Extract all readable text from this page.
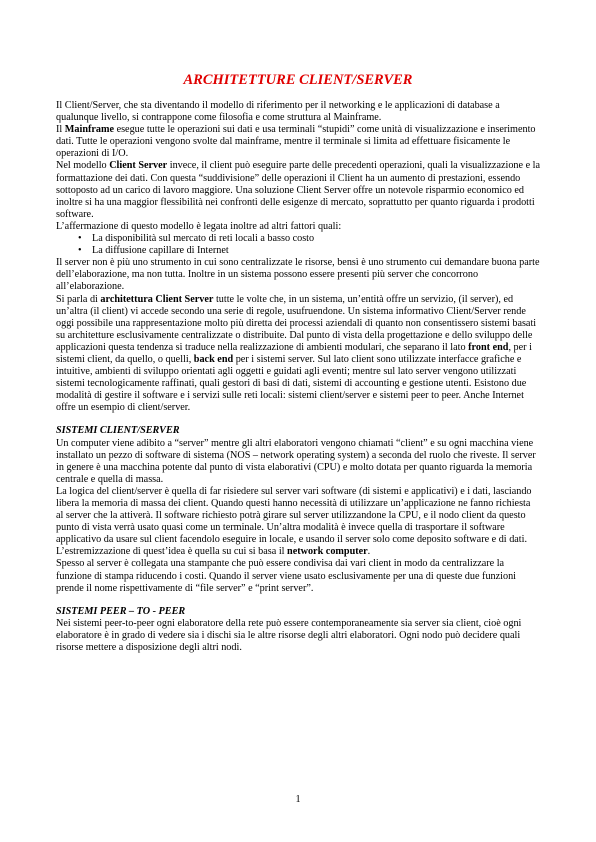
ARCHITETTURE CLIENT/SERVER

Il Client/Server, che sta diventando il modello di riferimento per il networking e le applicazioni di database a qualunque livello, si contrappone come filosofia e come struttura al Mainframe.

Il Mainframe esegue tutte le operazioni sui dati e usa terminali “stupidi” come unità di visualizzazione e inserimento dati. Tutte le operazioni vengono svolte dal mainframe, mentre il terminale si limita ad effettuare fisicamente le operazioni di I/O.

Nel modello Client Server invece, il client può eseguire parte delle precedenti operazioni, quali la visualizzazione e la formattazione dei dati. Con questa “suddivisione” delle operazioni il Client ha un aumento di prestazioni, essendo sottoposto ad un carico di lavoro maggiore. Una soluzione Client Server offre un notevole risparmio economico ed inoltre si ha una maggior flessibilità nei confronti delle esigenze di mercato, soprattutto per quanto riguarda i prodotti software.

L’affermazione di questo modello è legata inoltre ad altri fattori quali:

• La disponibilità sul mercato di reti locali a basso costo
• La diffusione capillare di Internet

Il server non è più uno strumento in cui sono centralizzate le risorse, bensì è uno strumento cui demandare buona parte dell’elaborazione, ma non tutta. Inoltre in un sistema possono essere presenti più server che concorrono all’elaborazione.

Si parla di architettura Client Server tutte le volte che, in un sistema, un’entità offre un servizio, (il server), ed un’altra (il client) vi accede secondo una serie di regole, usufruendone. Un sistema informativo Client/Server rende oggi possibile una rappresentazione molto più diretta dei processi aziendali di quanto non consentissero sistemi basati su architetture esclusivamente centralizzate o distribuite. Dal punto di vista della progettazione e dello sviluppo delle applicazioni questa tendenza si traduce nella realizzazione di ambienti modulari, che separano il lato front end, per i sistemi client, da quello, o quelli, back end per i sistemi server. Sul lato client sono utilizzate interfacce grafiche e intuitive, ambienti di sviluppo orientati agli oggetti e guidati agli eventi; mentre sul lato server vengono utilizzati sistemi tecnologicamente raffinati, quali gestori di basi di dati, sistemi di accounting e gestione utenti. Esistono due modalità di gestire il software e i servizi sulle reti locali: sistemi client/server e sistemi peer to peer. Anche Internet offre un esempio di client/server.

SISTEMI CLIENT/SERVER

Un computer viene adibito a “server” mentre gli altri elaboratori vengono chiamati “client” e su ogni macchina viene installato un pezzo di software di sistema (NOS – network operating system) a seconda del ruolo che riveste. Il server in genere è una macchina potente dal punto di vista elaborativi (CPU) e molto dotata per quanto riguarda la memoria centrale e quella di massa.

La logica del client/server è quella di far risiedere sul server vari software (di sistemi e applicativi) e i dati, lasciando libera la memoria di massa dei client. Quando questi hanno necessità di utilizzare un’applicazione ne fanno richiesta al server che la attiverà. Il software richiesto potrà girare sul server utilizzandone la CPU, e il nodo client da questo punto di vista verrà usato quasi come un terminale. Un’altra modalità è invece quella di trasportare il software applicativo da usare sul client facendolo eseguire in locale, e usando il server solo come deposito software e di dati.

L’estremizzazione di quest’idea è quella su cui si basa il network computer.

Spesso al server è collegata una stampante che può essere condivisa dai vari client in modo da centralizzare la funzione di stampa riducendo i costi. Quando il server viene usato esclusivamente per una di queste due funzioni prende il nome rispettivamente di “file server” e “print server”.

SISTEMI PEER – TO - PEER

Nei sistemi peer-to-peer ogni elaboratore della rete può essere contemporaneamente sia server sia client, cioè ogni elaboratore è in grado di vedere sia i dischi sia le altre risorse degli altri elaboratori. Ogni nodo può decidere quali risorse mettere a disposizione degli altri nodi.

1
